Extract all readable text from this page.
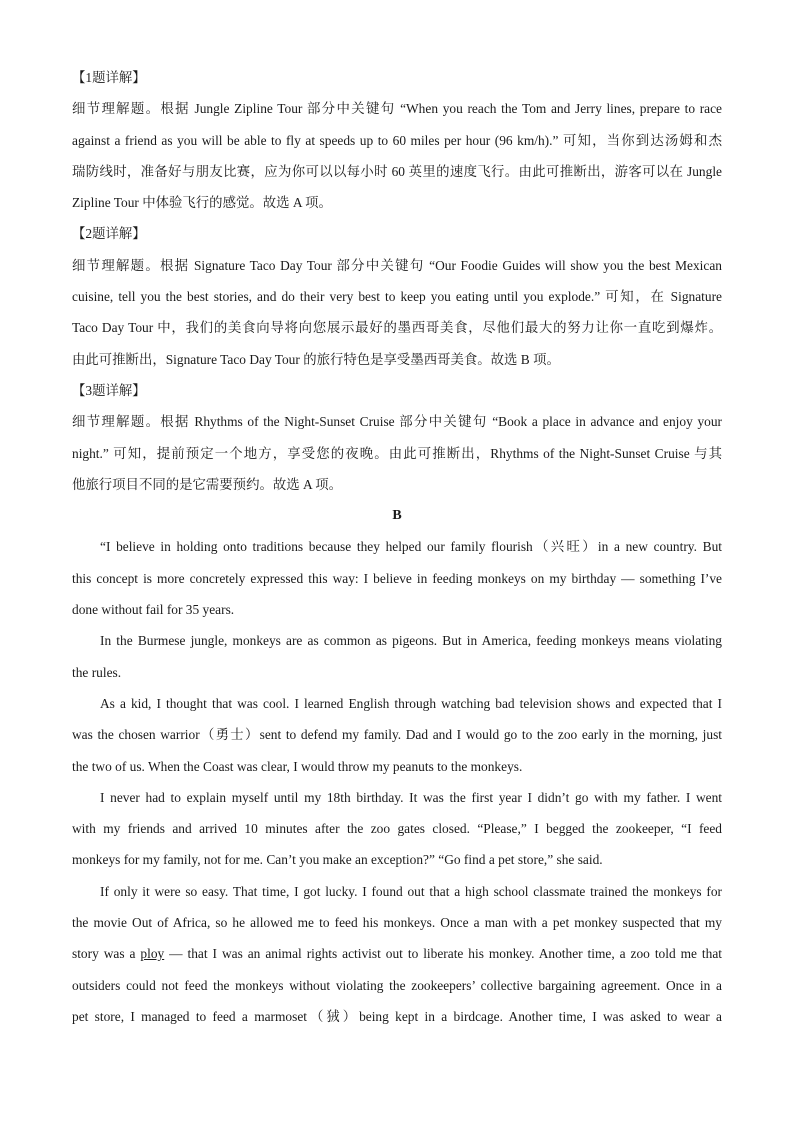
【1题详解】
细节理解题。根据 Jungle Zipline Tour 部分中关键句 “When you reach the Tom and Jerry lines, prepare to race
against a friend as you will be able to fly at speeds up to 60 miles per hour (96 km/h).” 可知，当你到达汤姆和杰
瑞防线时，准备好与朋友比赛，应为你可以以每小时 60 英里的速度飞行。由此可推断出，游客可以在 Jungle
Zipline Tour 中体验飞行的感觉。故选 A 项。
【2题详解】
细节理解题。根据 Signature Taco Day Tour 部分中关键句 “Our Foodie Guides will show you the best Mexican
cuisine, tell you the best stories, and do their very best to keep you eating until you explode.” 可知，在 Signature
Taco Day Tour 中，我们的美食向导将向您展示最好的墨西哥美食，尽他们最大的努力让你一直吃到爆炸。
由此可推断出，Signature Taco Day Tour 的旅行特色是享受墨西哥美食。故选 B 项。
【3题详解】
细节理解题。根据 Rhythms of the Night-Sunset Cruise 部分中关键句 “Book a place in advance and enjoy your
night.” 可知，提前预定一个地方，享受您的夜晚。由此可推断出，Rhythms of the Night-Sunset Cruise 与其
他旅行项目不同的是它需要预约。故选 A 项。
B
“I believe in holding onto traditions because they helped our family flourish（兴旺）in a new country. But
this concept is more concretely expressed this way: I believe in feeding monkeys on my birthday — something I’ve
done without fail for 35 years.
In the Burmese jungle, monkeys are as common as pigeons. But in America, feeding monkeys means violating
the rules.
As a kid, I thought that was cool. I learned English through watching bad television shows and expected that I
was the chosen warrior（勇士）sent to defend my family. Dad and I would go to the zoo early in the morning, just
the two of us. When the Coast was clear, I would throw my peanuts to the monkeys.
I never had to explain myself until my 18th birthday. It was the first year I didn’t go with my father. I went
with my friends and arrived 10 minutes after the zoo gates closed. “Please,” I begged the zookeeper, “I feed
monkeys for my family, not for me. Can’t you make an exception?” “Go find a pet store,” she said.
If only it were so easy. That time, I got lucky. I found out that a high school classmate trained the monkeys for
the movie Out of Africa, so he allowed me to feed his monkeys. Once a man with a pet monkey suspected that my
story was a ploy — that I was an animal rights activist out to liberate his monkey. Another time, a zoo told me that
outsiders could not feed the monkeys without violating the zookeepers’ collective bargaining agreement. Once in a
pet store, I managed to feed a marmoset（狨）being kept in a birdcage. Another time, I was asked to wear a
